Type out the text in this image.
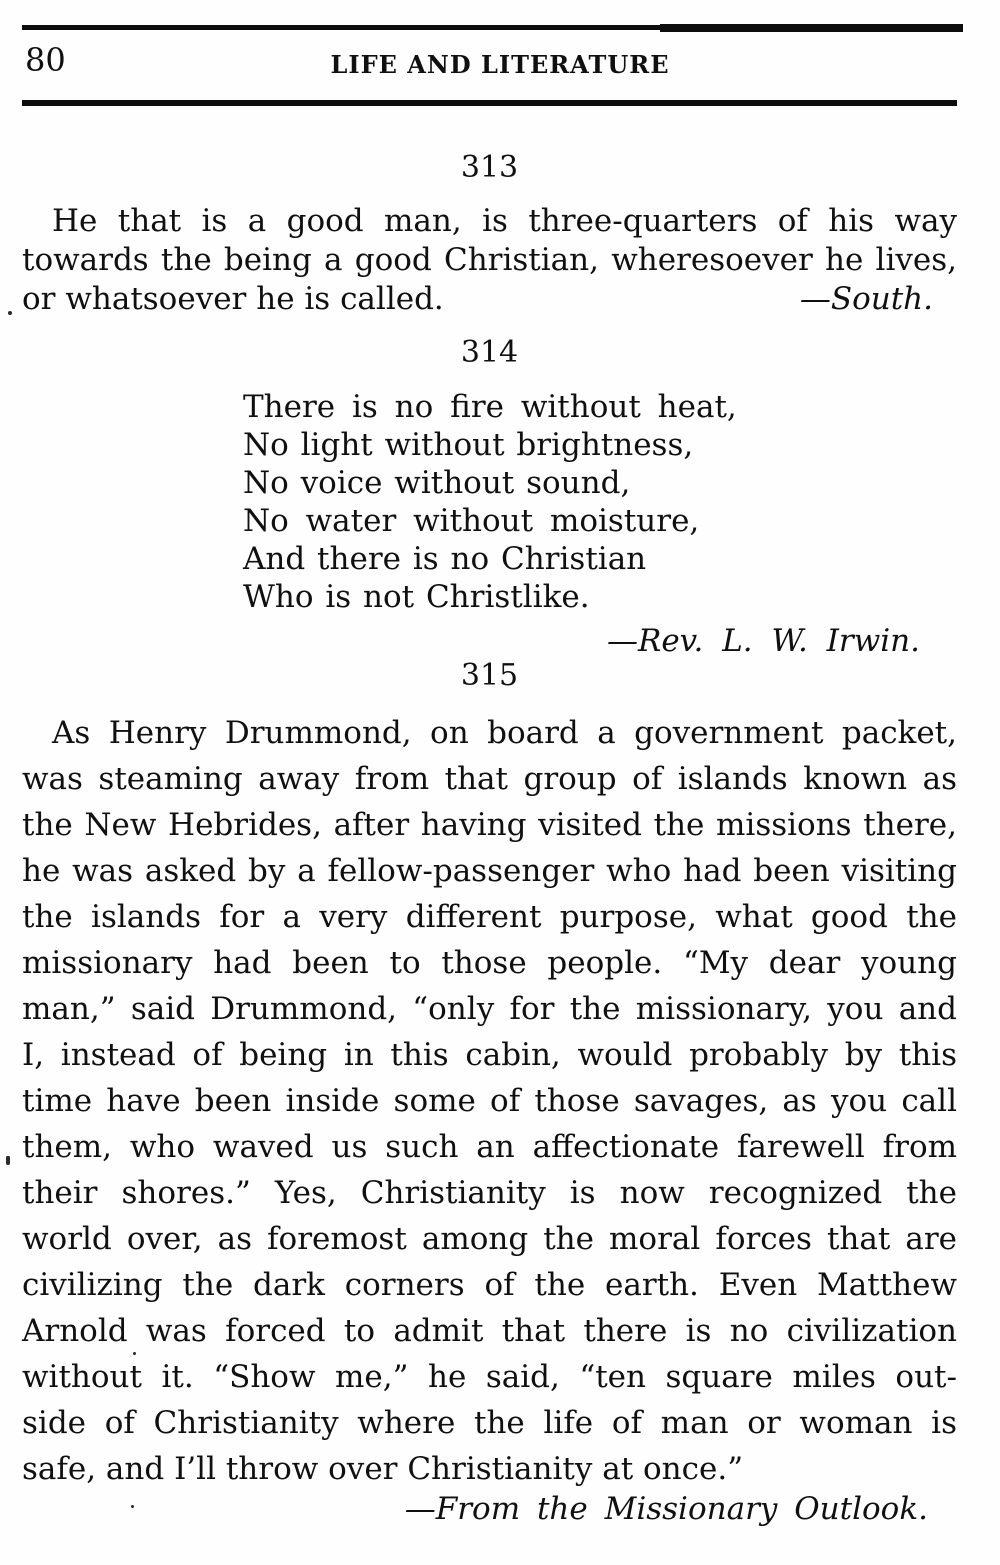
80	LIFE AND LITERATURE
313
He that is a good man, is three-quarters of his way
towards the being a good Christian, wheresoever he lives,
or whatsoever he is called.	—South.
314
There is no fire without heat,
No light without brightness,
No voice without sound,
No water without moisture,
And there is no Christian
Who is not Christlike.
—Rev. L. W. Irwin.
315
As Henry Drummond, on board a government packet,
was steaming away from that group of islands known as
the New Hebrides, after having visited the missions there,
he was asked by a fellow-passenger who had been visiting
the islands for a very different purpose, what good the
missionary had been to those people. “My dear young
man,” said Drummond, “only for the missionary, you and
I, instead of being in this cabin, would probably by this
time have been inside some of those savages, as you call
them, who waved us such an affectionate farewell from
their shores.” Yes, Christianity is now recognized the
world over, as foremost among the moral forces that are
civilizing the dark corners of the earth. Even Matthew
Arnold was forced to admit that there is no civilization
without it. “Show me,” he said, “ten square miles out-
side of Christianity where the life of man or woman is
safe, and I’ll throw over Christianity at once.”
—From the Missionary Outlook.
